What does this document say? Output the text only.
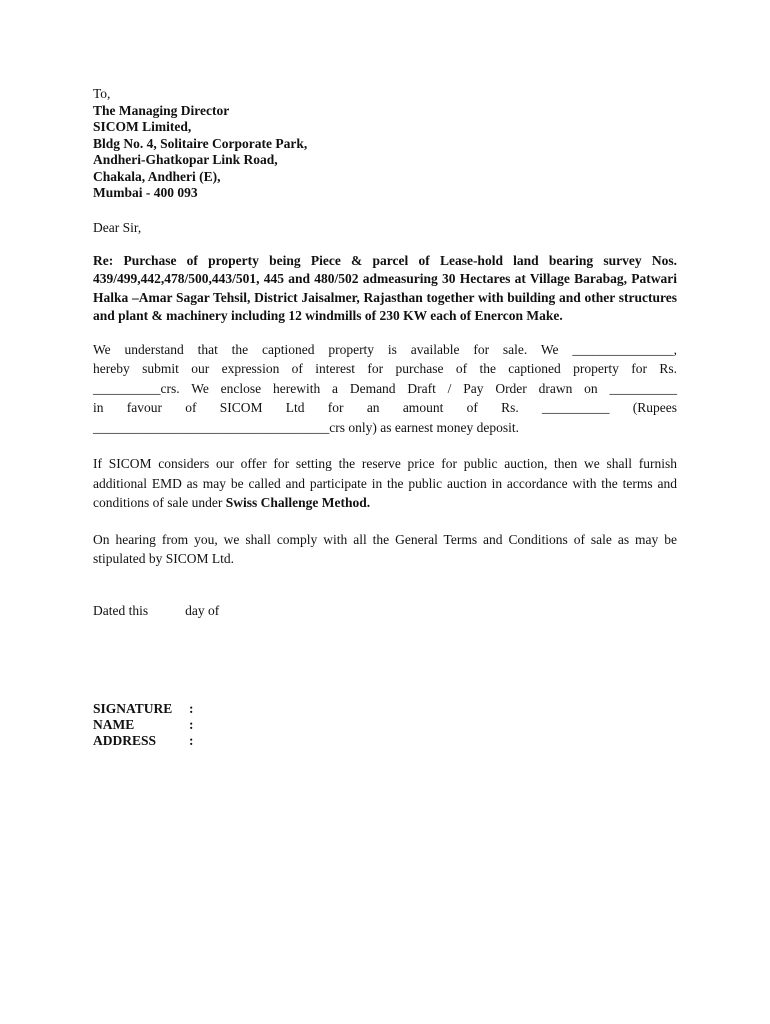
To,
The Managing Director
SICOM Limited,
Bldg No. 4, Solitaire Corporate Park,
Andheri-Ghatkopar Link Road,
Chakala, Andheri (E),
Mumbai - 400 093
Dear Sir,
Re: Purchase of property being Piece & parcel of Lease-hold land bearing survey Nos. 439/499,442,478/500,443/501, 445 and 480/502 admeasuring 30 Hectares at Village Barabag, Patwari Halka –Amar Sagar Tehsil, District Jaisalmer, Rajasthan together with building and other structures and plant & machinery including 12 windmills of 230 KW each of Enercon Make.
We understand that the captioned property is available for sale. We _______________,
hereby submit our expression of interest for purchase of the captioned property for Rs.
__________crs. We enclose herewith a Demand Draft / Pay Order drawn on __________
in favour of SICOM Ltd for an amount of Rs. __________ (Rupees
___________________________________crs only) as earnest money deposit.
If SICOM considers our offer for setting the reserve price for public auction, then we shall furnish additional EMD as may be called and participate in the public auction in accordance with the terms and conditions of sale under Swiss Challenge Method.
On hearing from you, we shall comply with all the General Terms and Conditions of sale as may be stipulated by SICOM Ltd.
Dated this	day of
SIGNATURE	:
NAME	:
ADDRESS	:
